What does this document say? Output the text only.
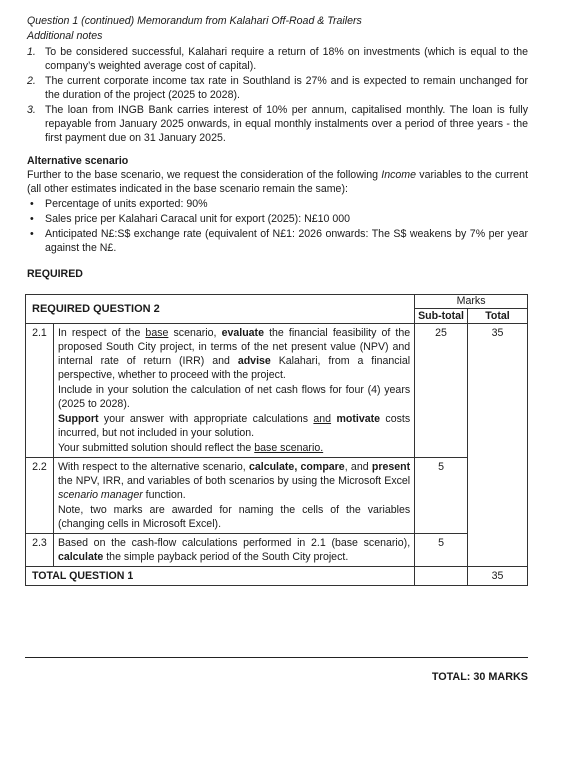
Question 1 (continued) Memorandum from Kalahari Off-Road & Trailers

Additional notes

1. To be considered successful, Kalahari require a return of 18% on investments (which is equal to the company’s weighted average cost of capital).
2. The current corporate income tax rate in Southland is 27% and is expected to remain unchanged for the duration of the project (2025 to 2028).
3. The loan from INGB Bank carries interest of 10% per annum, capitalised monthly. The loan is fully repayable from January 2025 onwards, in equal monthly instalments over a period of three years - the first payment due on 31 January 2025.
Alternative scenario
Further to the base scenario, we request the consideration of the following Income variables to the current (all other estimates indicated in the base scenario remain the same):
• Percentage of units exported: 90%
• Sales price per Kalahari Caracal unit for export (2025): N£10 000
• Anticipated N£:S$ exchange rate (equivalent of N£1: 2026 onwards: The S$ weakens by 7% per year against the N£.
REQUIRED
REQUIRED QUESTION 2		Marks	
		Sub-total	Total
2.1	In respect of the base scenario, evaluate the financial feasibility of the proposed South City project, in terms of the net present value (NPV) and internal rate of return (IRR) and advise Kalahari, from a financial perspective, whether to proceed with the project.

Include in your solution the calculation of net cash flows for four (4) years (2025 to 2028).

Support your answer with appropriate calculations and motivate costs incurred, but not included in your solution.

Your submitted solution should reflect the base scenario.	25	35
2.2	With respect to the alternative scenario, calculate, compare, and present the NPV, IRR, and variables of both scenarios by using the Microsoft Excel scenario manager function.

Note, two marks are awarded for naming the cells of the variables (changing cells in Microsoft Excel).	5	
2.3	Based on the cash-flow calculations performed in 2.1 (base scenario), calculate the simple payback period of the South City project.	5	
TOTAL QUESTION 1			35
TOTAL: 30 MARKS
